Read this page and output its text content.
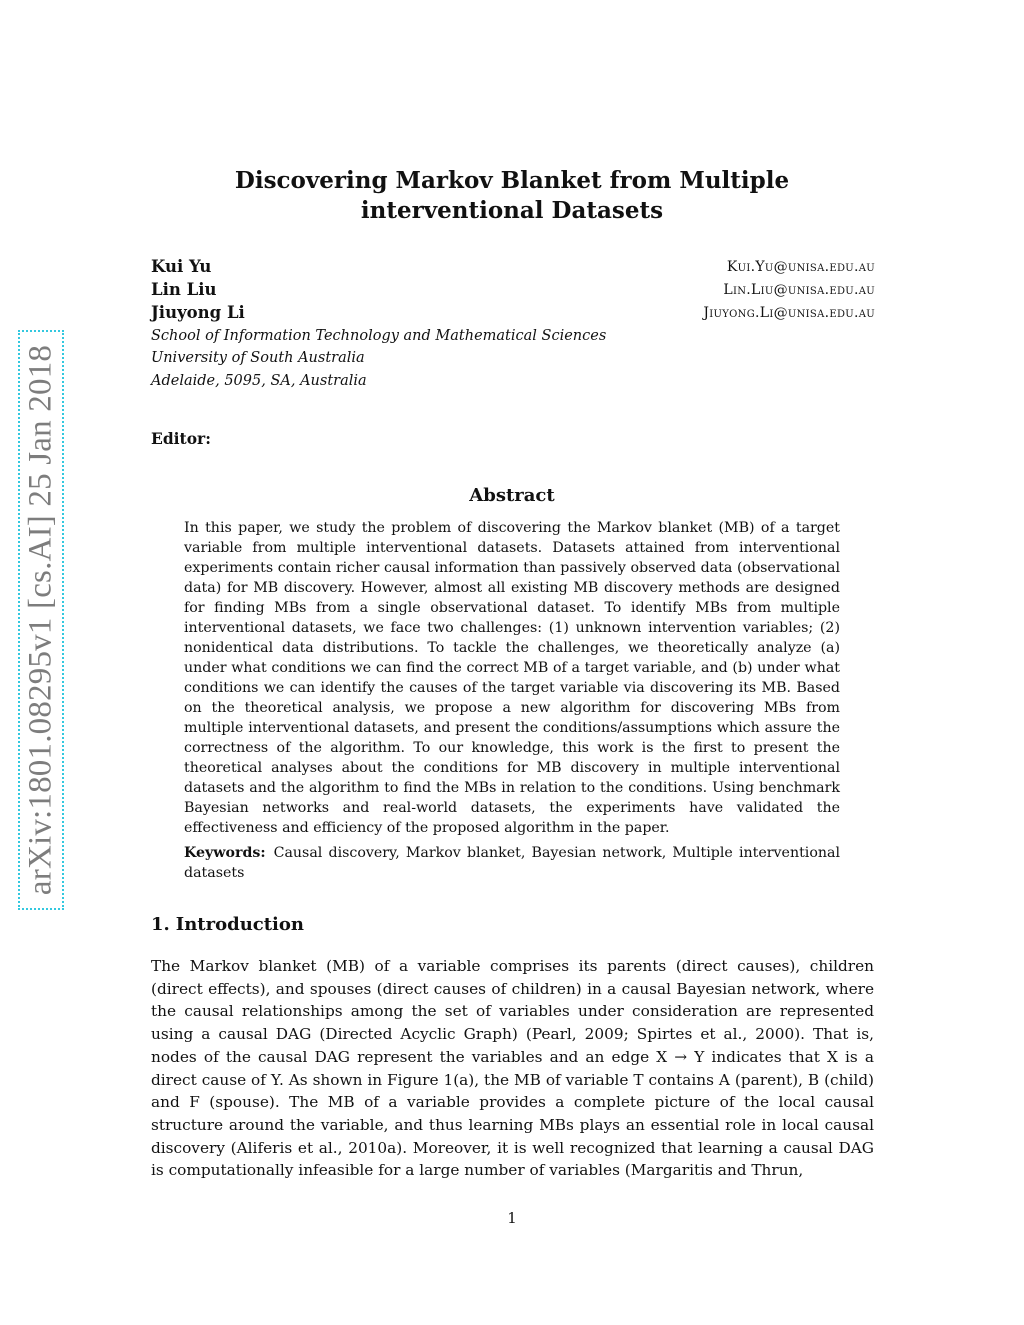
arXiv:1801.08295v1 [cs.AI] 25 Jan 2018
Discovering Markov Blanket from Multiple interventional Datasets
Kui Yu	Kui.Yu@unisa.edu.au
Lin Liu	Lin.Liu@unisa.edu.au
Jiuyong Li	Jiuyong.Li@unisa.edu.au
School of Information Technology and Mathematical Sciences
University of South Australia
Adelaide, 5095, SA, Australia
Editor:
Abstract
In this paper, we study the problem of discovering the Markov blanket (MB) of a target variable from multiple interventional datasets. Datasets attained from interventional experiments contain richer causal information than passively observed data (observational data) for MB discovery. However, almost all existing MB discovery methods are designed for finding MBs from a single observational dataset. To identify MBs from multiple interventional datasets, we face two challenges: (1) unknown intervention variables; (2) nonidentical data distributions. To tackle the challenges, we theoretically analyze (a) under what conditions we can find the correct MB of a target variable, and (b) under what conditions we can identify the causes of the target variable via discovering its MB. Based on the theoretical analysis, we propose a new algorithm for discovering MBs from multiple interventional datasets, and present the conditions/assumptions which assure the correctness of the algorithm. To our knowledge, this work is the first to present the theoretical analyses about the conditions for MB discovery in multiple interventional datasets and the algorithm to find the MBs in relation to the conditions. Using benchmark Bayesian networks and real-world datasets, the experiments have validated the effectiveness and efficiency of the proposed algorithm in the paper.
Keywords: Causal discovery, Markov blanket, Bayesian network, Multiple interventional datasets
1. Introduction
The Markov blanket (MB) of a variable comprises its parents (direct causes), children (direct effects), and spouses (direct causes of children) in a causal Bayesian network, where the causal relationships among the set of variables under consideration are represented using a causal DAG (Directed Acyclic Graph) (Pearl, 2009; Spirtes et al., 2000). That is, nodes of the causal DAG represent the variables and an edge X → Y indicates that X is a direct cause of Y. As shown in Figure 1(a), the MB of variable T contains A (parent), B (child) and F (spouse). The MB of a variable provides a complete picture of the local causal structure around the variable, and thus learning MBs plays an essential role in local causal discovery (Aliferis et al., 2010a). Moreover, it is well recognized that learning a causal DAG is computationally infeasible for a large number of variables (Margaritis and Thrun,
1
